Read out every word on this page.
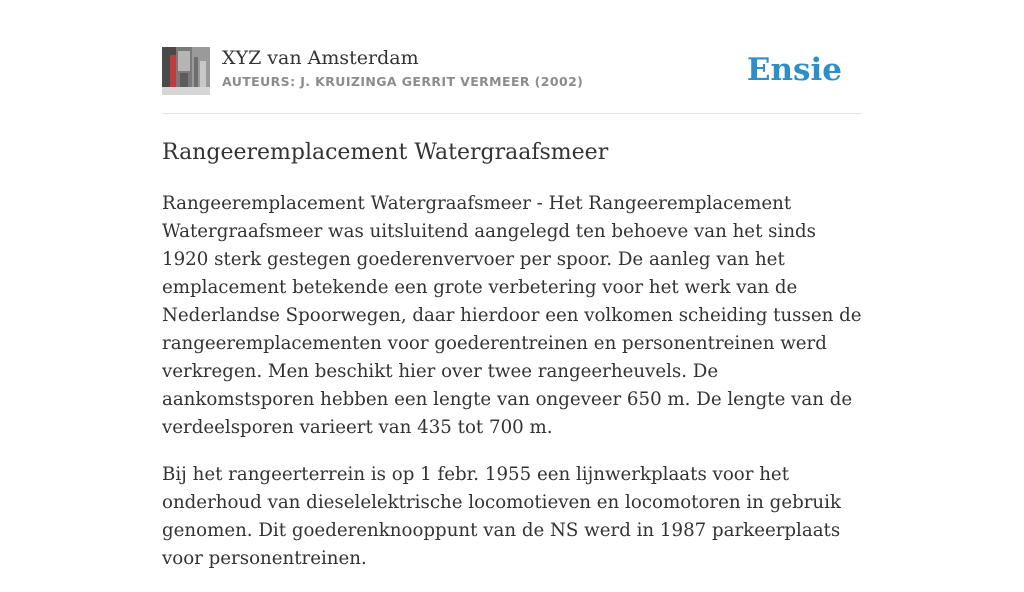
XYZ van Amsterdam
AUTEURS: J. KRUIZINGA GERRIT VERMEER (2002)	Ensie
Rangeeremplacement Watergraafsmeer

Rangeeremplacement Watergraafsmeer - Het Rangeeremplacement Watergraafsmeer was uitsluitend aangelegd ten behoeve van het sinds 1920 sterk gestegen goederenvervoer per spoor. De aanleg van het emplacement betekende een grote verbetering voor het werk van de Nederlandse Spoorwegen, daar hierdoor een volkomen scheiding tussen de rangeeremplacementen voor goederentreinen en personentreinen werd verkregen. Men beschikt hier over twee rangeerheuvels. De aankomstsporen hebben een lengte van ongeveer 650 m. De lengte van de verdeelsporen varieert van 435 tot 700 m.

Bij het rangeerterrein is op 1 febr. 1955 een lijnwerkplaats voor het onderhoud van dieselelektrische locomotieven en locomotoren in gebruik genomen. Dit goederenknooppunt van de NS werd in 1987 parkeerplaats voor personentreinen.
